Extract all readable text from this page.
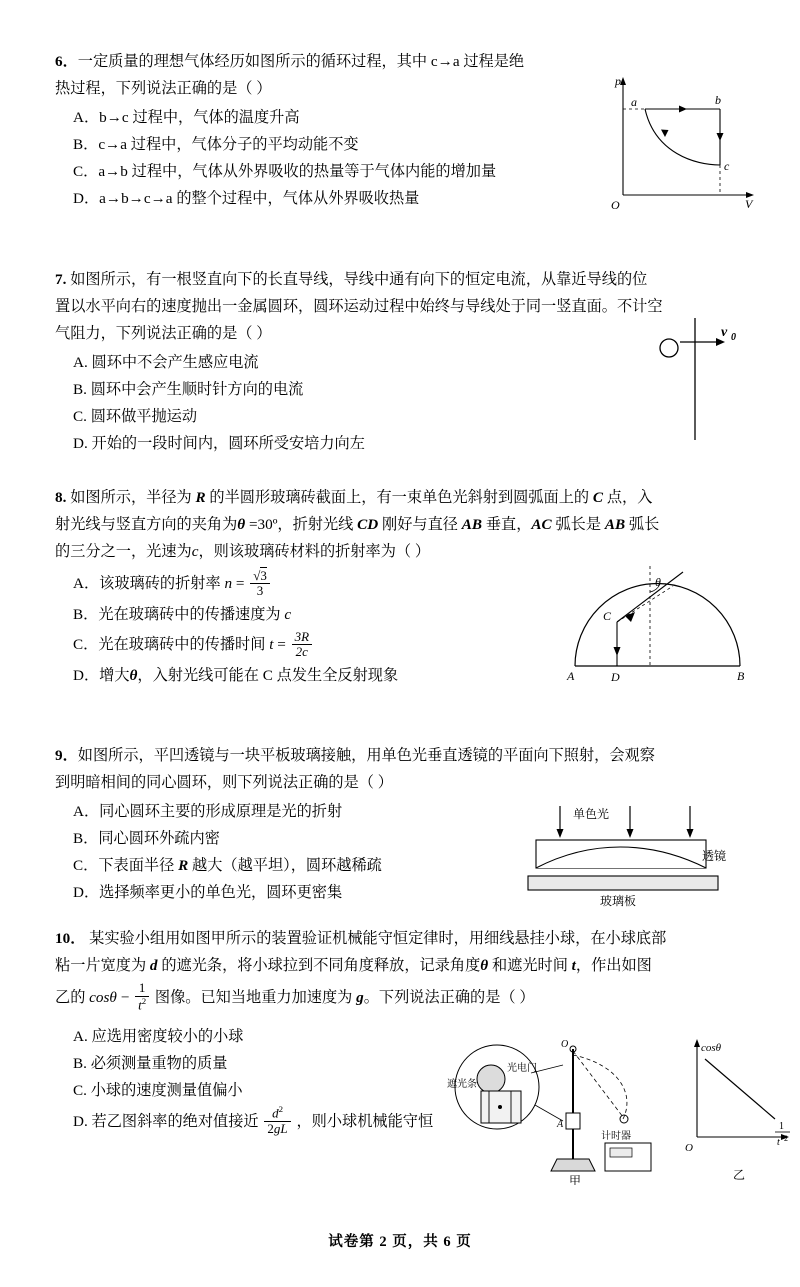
6．一定质量的理想气体经历如图所示的循环过程，其中 c→a 过程是绝
热过程，下列说法正确的是（ ）
A．b→c 过程中，气体的温度升高
B．c→a 过程中，气体分子的平均动能不变
C．a→b 过程中，气体从外界吸收的热量等于气体内能的增加量
D．a→b→c→a 的整个过程中，气体从外界吸收热量
p
V
O
a	b
c
7. 如图所示，有一根竖直向下的长直导线，导线中通有向下的恒定电流，从靠近导线的位
置以水平向右的速度抛出一金属圆环，圆环运动过程中始终与导线处于同一竖直面。不计空
气阻力，下列说法正确的是（ ）
A. 圆环中不会产生感应电流
B. 圆环中会产生顺时针方向的电流
C. 圆环做平抛运动
D. 开始的一段时间内，圆环所受安培力向左
v 0
8. 如图所示，半径为 R 的半圆形玻璃砖截面上，有一束单色光斜射到圆弧面上的 C 点，入
射光线与竖直方向的夹角为θ =30º，折射光线 CD 刚好与直径 AB 垂直，AC 弧长是 AB 弧长
的三分之一，光速为c，则该玻璃砖材料的折射率为（ ）
A．该玻璃砖的折射率 $n = \frac{√3}{3}$
B．光在玻璃砖中的传播速度为 c
C．光在玻璃砖中的传播时间 $t = \frac{3R}{2c}$
D．增大θ，入射光线可能在 C 点发生全反射现象
θ
C
A	D	B
9．如图所示，平凹透镜与一块平板玻璃接触，用单色光垂直透镜的平面向下照射，会观察
到明暗相间的同心圆环，则下列说法正确的是（ ）
A．同心圆环主要的形成原理是光的折射
B．同心圆环外疏内密
C．下表面半径 R 越大（越平坦），圆环越稀疏
D．选择频率更小的单色光，圆环更密集
单色光
透镜
玻璃板
10． 某实验小组用如图甲所示的装置验证机械能守恒定律时，用细线悬挂小球，在小球底部
粘一片宽度为 d 的遮光条，将小球拉到不同角度释放，记录角度θ 和遮光时间 t，作出如图
乙的 $\cos\theta - \frac{1}{t^2}$ 图像。已知当地重力加速度为 g。下列说法正确的是（ ）
A. 应选用密度较小的小球
B. 必须测量重物的质量
C. 小球的速度测量值偏小
D. 若乙图斜率的绝对值接近 $\frac{d^2}{2gL}$ ，则小球机械能守恒
遮光条
光电门
O
A
计时器
甲
cosθ
O
1
t 2
乙
试卷第 2 页，共 6 页
